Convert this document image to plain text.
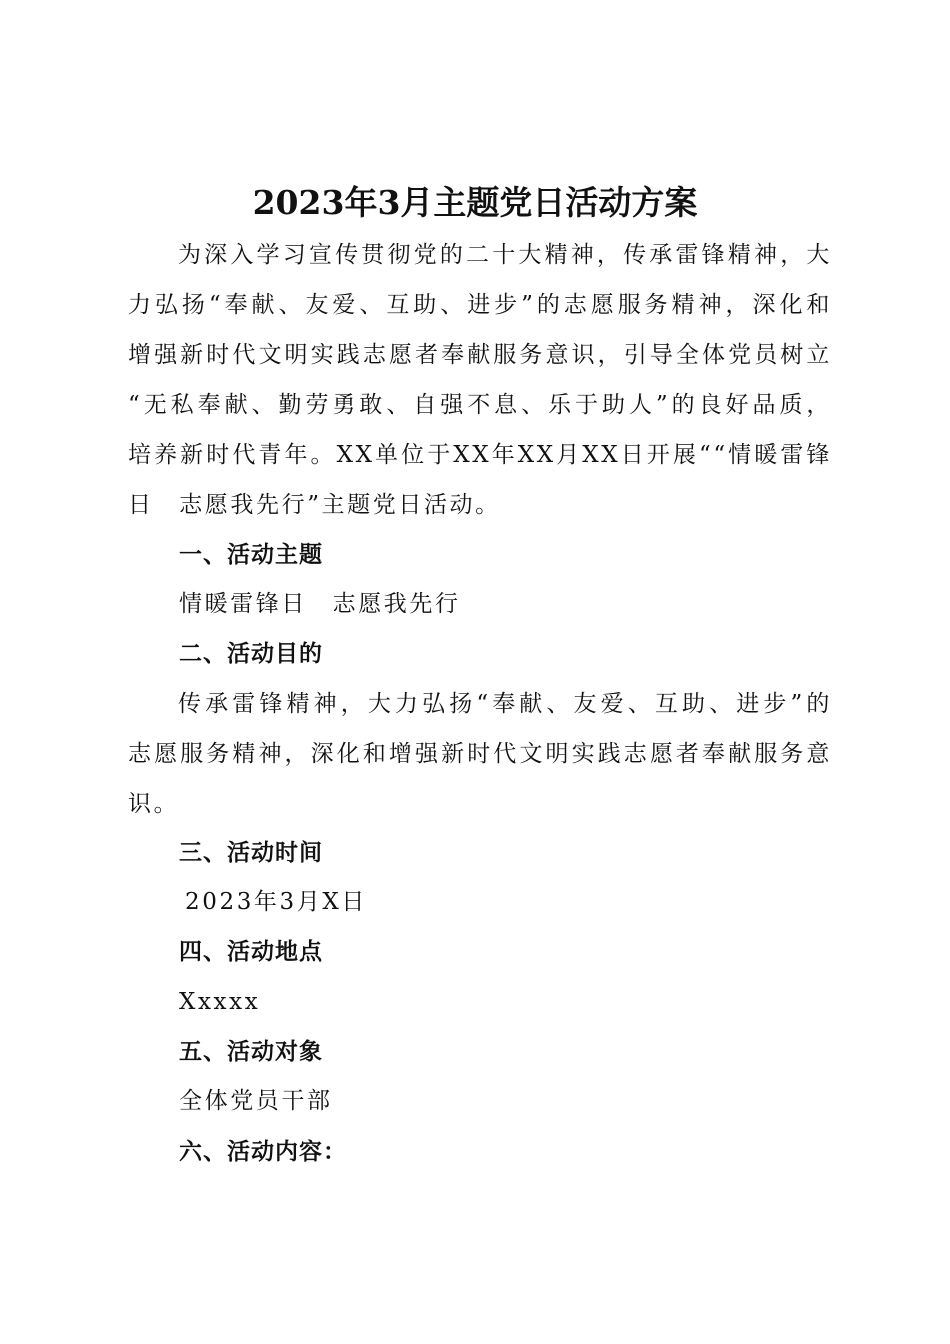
2023年3月主题党日活动方案
为深入学习宣传贯彻党的二十大精神，传承雷锋精神，大
力弘扬“奉献、友爱、互助、进步”的志愿服务精神，深化和
增强新时代文明实践志愿者奉献服务意识，引导全体党员树立
“无私奉献、勤劳勇敢、自强不息、乐于助人”的良好品质，
培养新时代青年。XX单位于XX年XX月XX日开展““情暖雷锋
日　志愿我先行”主题党日活动。
一、活动主题
情暖雷锋日　志愿我先行
二、活动目的
传承雷锋精神，大力弘扬“奉献、友爱、互助、进步”的
志愿服务精神，深化和增强新时代文明实践志愿者奉献服务意
识。
三、活动时间
2023年3月X日
四、活动地点
Xxxxx
五、活动对象
全体党员干部
六、活动内容：
